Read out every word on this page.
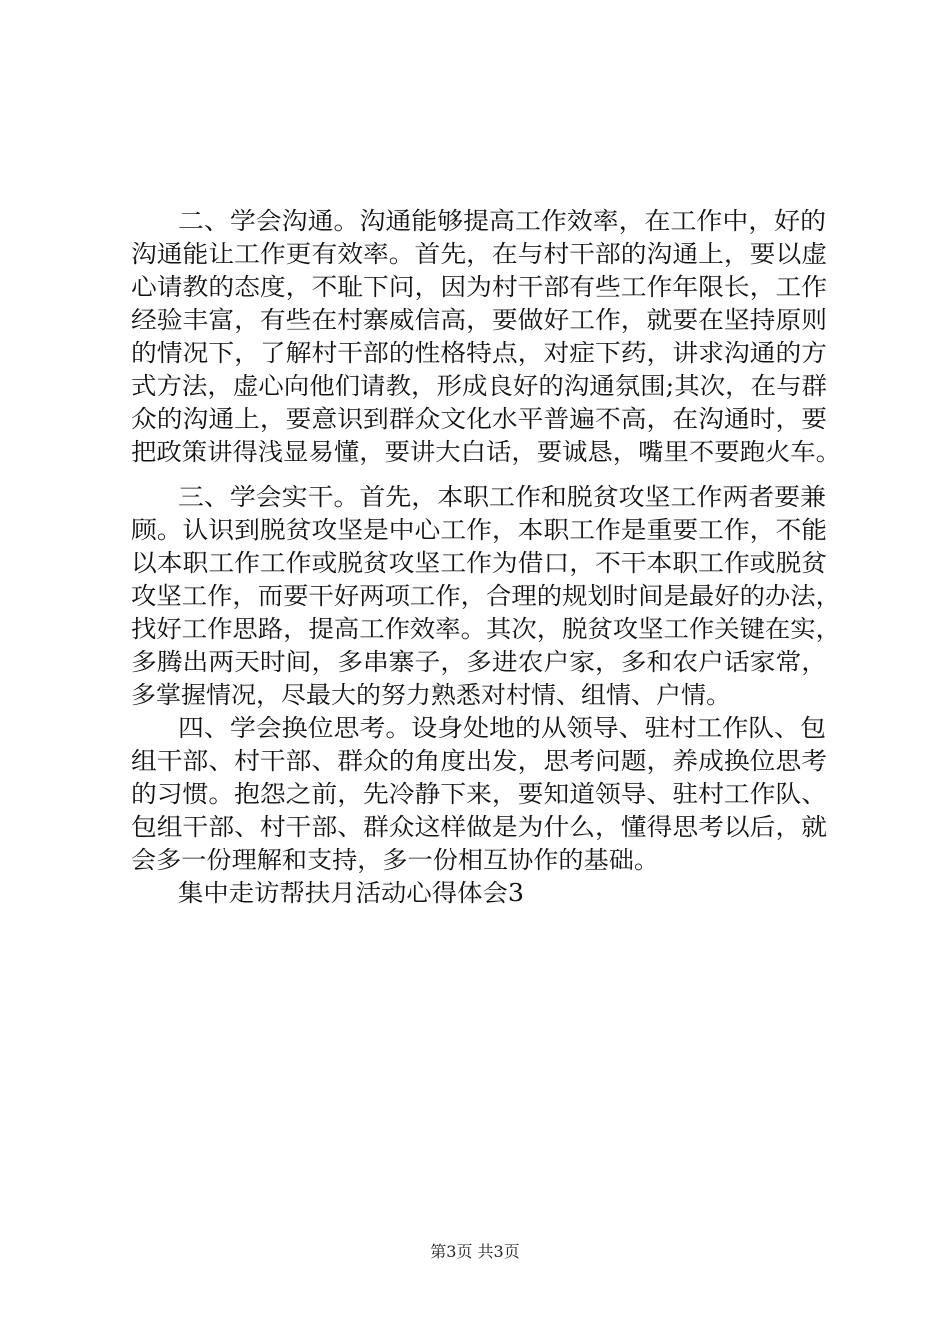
二、学会沟通。沟通能够提高工作效率，在工作中，好的
沟通能让工作更有效率。首先，在与村干部的沟通上，要以虚
心请教的态度，不耻下问，因为村干部有些工作年限长，工作
经验丰富，有些在村寨威信高，要做好工作，就要在坚持原则
的情况下，了解村干部的性格特点，对症下药，讲求沟通的方
式方法，虚心向他们请教，形成良好的沟通氛围;其次，在与群
众的沟通上，要意识到群众文化水平普遍不高，在沟通时，要
把政策讲得浅显易懂，要讲大白话，要诚恳，嘴里不要跑火车。
三、学会实干。首先，本职工作和脱贫攻坚工作两者要兼
顾。认识到脱贫攻坚是中心工作，本职工作是重要工作，不能
以本职工作工作或脱贫攻坚工作为借口，不干本职工作或脱贫
攻坚工作，而要干好两项工作，合理的规划时间是最好的办法，
找好工作思路，提高工作效率。其次，脱贫攻坚工作关键在实，
多腾出两天时间，多串寨子，多进农户家，多和农户话家常，
多掌握情况，尽最大的努力熟悉对村情、组情、户情。
四、学会换位思考。设身处地的从领导、驻村工作队、包
组干部、村干部、群众的角度出发，思考问题，养成换位思考
的习惯。抱怨之前，先冷静下来，要知道领导、驻村工作队、
包组干部、村干部、群众这样做是为什么，懂得思考以后，就
会多一份理解和支持，多一份相互协作的基础。
集中走访帮扶月活动心得体会3
第3页 共3页
